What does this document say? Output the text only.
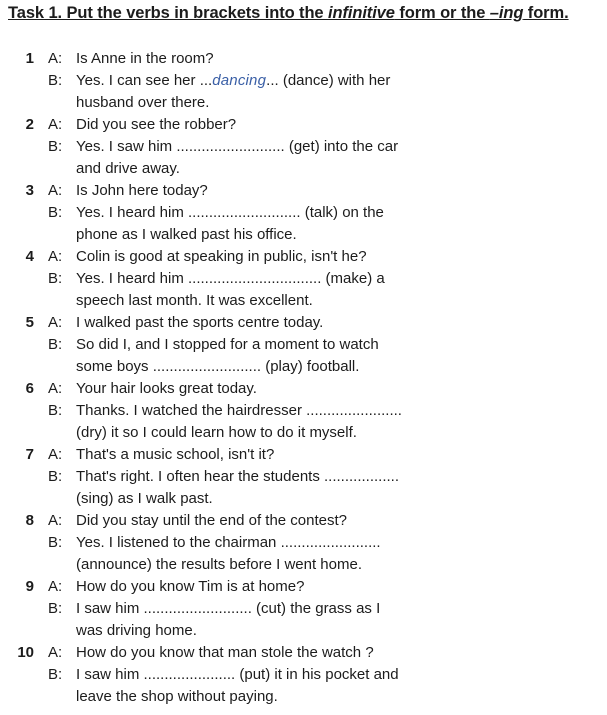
Task 1. Put the verbs in brackets into the infinitive form or the –ing form.
1 A: Is Anne in the room?
B: Yes. I can see her ...dancing... (dance) with her
husband over there.
2 A: Did you see the robber?
B: Yes. I saw him .......................... (get) into the car
and drive away.
3 A: Is John here today?
B: Yes. I heard him ........................... (talk) on the
phone as I walked past his office.
4 A: Colin is good at speaking in public, isn't he?
B: Yes. I heard him ................................ (make) a
speech last month. It was excellent.
5 A: I walked past the sports centre today.
B: So did I, and I stopped for a moment to watch
some boys .......................... (play) football.
6 A: Your hair looks great today.
B: Thanks. I watched the hairdresser .......................
(dry) it so I could learn how to do it myself.
7 A: That's a music school, isn't it?
B: That's right. I often hear the students ..................
(sing) as I walk past.
8 A: Did you stay until the end of the contest?
B: Yes. I listened to the chairman ........................
(announce) the results before I went home.
9 A: How do you know Tim is at home?
B: I saw him .......................... (cut) the grass as I
was driving home.
10 A: How do you know that man stole the watch ?
B: I saw him ...................... (put) it in his pocket and
leave the shop without paying.
